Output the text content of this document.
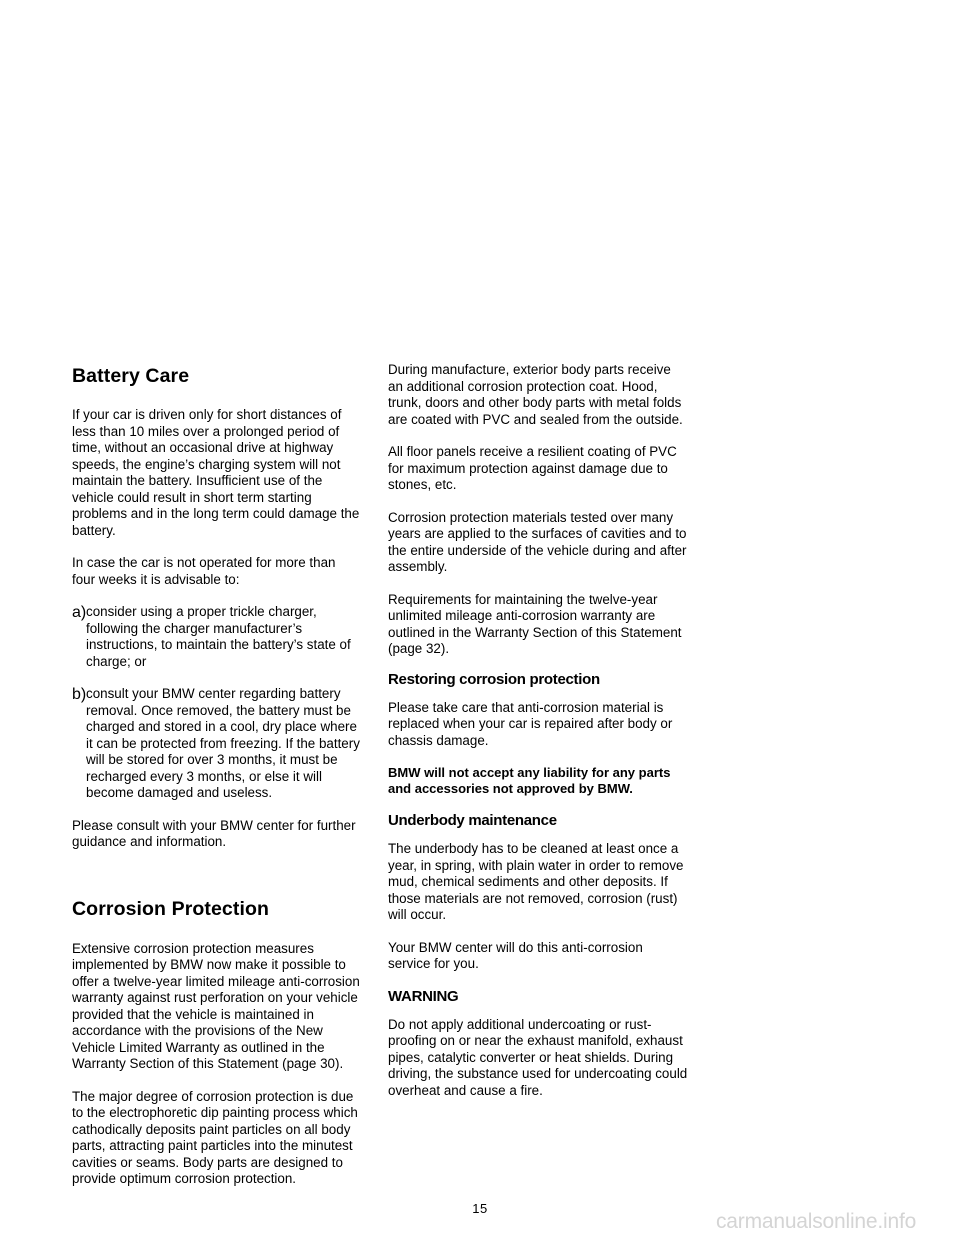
Battery Care

If your car is driven only for short distances of less than 10 miles over a prolonged period of time, without an occasional drive at highway speeds, the engine’s charging system will not maintain the battery. Insufficient use of the vehicle could result in short term starting problems and in the long term could damage the battery.

In case the car is not operated for more than four weeks it is advisable to:

a) consider using a proper trickle charger, following the charger manufacturer’s instructions, to maintain the battery’s state of charge; or

b) consult your BMW center regarding battery removal. Once removed, the battery must be charged and stored in a cool, dry place where it can be protected from freezing. If the battery will be stored for over 3 months, it must be recharged every 3 months, or else it will become damaged and useless.

Please consult with your BMW center for further guidance and information.

Corrosion Protection

Extensive corrosion protection measures implemented by BMW now make it possible to offer a twelve-year limited mileage anti-corrosion warranty against rust perforation on your vehicle provided that the vehicle is maintained in accordance with the provisions of the New Vehicle Limited Warranty as outlined in the Warranty Section of this Statement (page 30).

The major degree of corrosion protection is due to the electrophoretic dip painting process which cathodically deposits paint particles on all body parts, attracting paint particles into the minutest cavities or seams. Body parts are designed to provide optimum corrosion protection.

During manufacture, exterior body parts receive an additional corrosion protection coat. Hood, trunk, doors and other body parts with metal folds are coated with PVC and sealed from the outside.

All floor panels receive a resilient coating of PVC for maximum protection against damage due to stones, etc.

Corrosion protection materials tested over many years are applied to the surfaces of cavities and to the entire underside of the vehicle during and after assembly.

Requirements for maintaining the twelve-year unlimited mileage anti-corrosion warranty are outlined in the Warranty Section of this Statement (page 32).

Restoring corrosion protection

Please take care that anti-corrosion material is replaced when your car is repaired after body or chassis damage.

BMW will not accept any liability for any parts and accessories not approved by BMW.

Underbody maintenance

The underbody has to be cleaned at least once a year, in spring, with plain water in order to remove mud, chemical sediments and other deposits. If those materials are not removed, corrosion (rust) will occur.

Your BMW center will do this anti-corrosion service for you.

WARNING

Do not apply additional undercoating or rust-proofing on or near the exhaust manifold, exhaust pipes, catalytic converter or heat shields. During driving, the substance used for undercoating could overheat and cause a fire.

15
carmanualsonline.info
